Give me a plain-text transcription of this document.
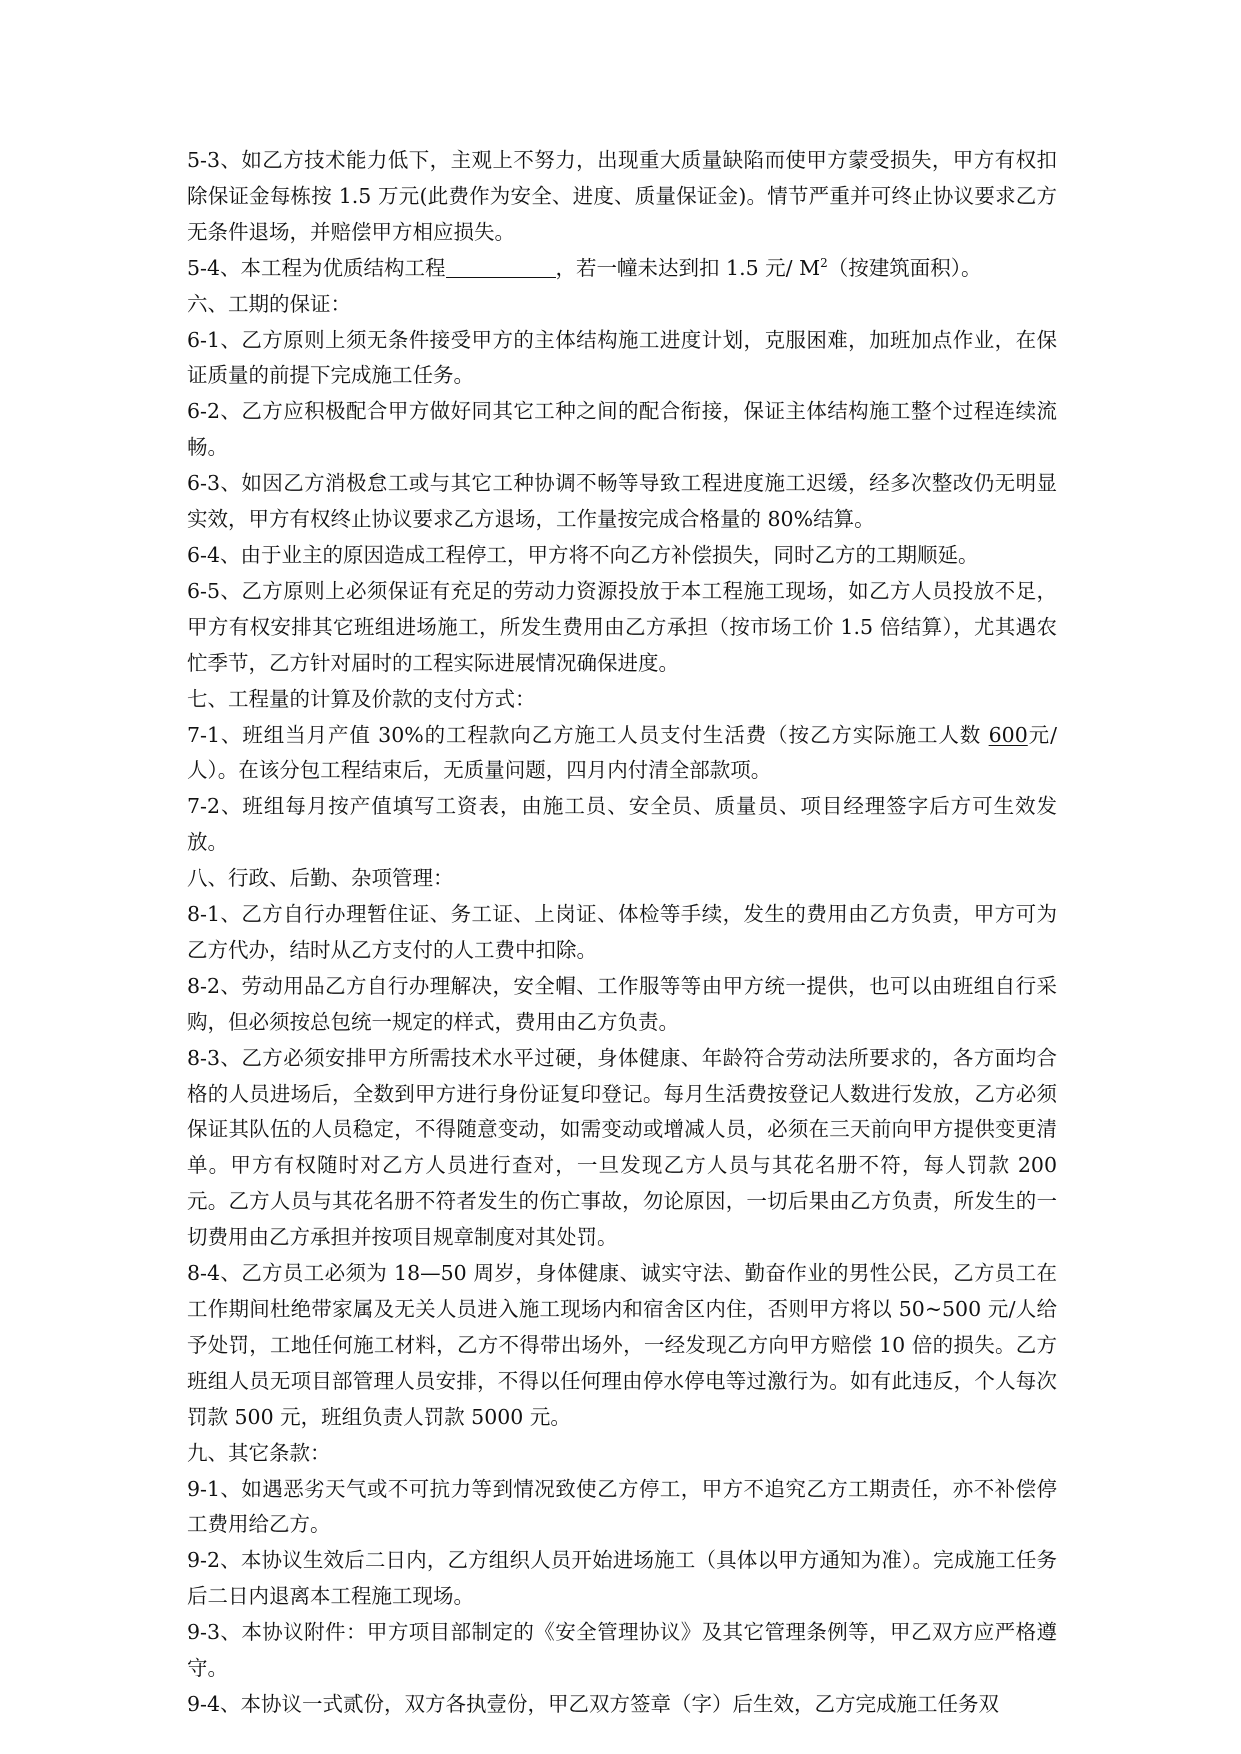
5-3、如乙方技术能力低下，主观上不努力，出现重大质量缺陷而使甲方蒙受损失，甲方有权扣除保证金每栋按 1.5 万元(此费作为安全、进度、质量保证金)。情节严重并可终止协议要求乙方无条件退场，并赔偿甲方相应损失。

5-4、本工程为优质结构工程	，若一幢未达到扣 1.5 元/ $M^2$（按建筑面积）。

六、工期的保证：

6-1、乙方原则上须无条件接受甲方的主体结构施工进度计划，克服困难，加班加点作业，在保证质量的前提下完成施工任务。

6-2、乙方应积极配合甲方做好同其它工种之间的配合衔接，保证主体结构施工整个过程连续流畅。

6-3、如因乙方消极怠工或与其它工种协调不畅等导致工程进度施工迟缓，经多次整改仍无明显实效，甲方有权终止协议要求乙方退场，工作量按完成合格量的 80%结算。

6-4、由于业主的原因造成工程停工，甲方将不向乙方补偿损失，同时乙方的工期顺延。

6-5、乙方原则上必须保证有充足的劳动力资源投放于本工程施工现场，如乙方人员投放不足，甲方有权安排其它班组进场施工，所发生费用由乙方承担（按市场工价 1.5 倍结算），尤其遇农忙季节，乙方针对届时的工程实际进展情况确保进度。

七、工程量的计算及价款的支付方式：

7-1、班组当月产值 30%的工程款向乙方施工人员支付生活费（按乙方实际施工人数 600元/人）。在该分包工程结束后，无质量问题，四月内付清全部款项。

7-2、班组每月按产值填写工资表，由施工员、安全员、质量员、项目经理签字后方可生效发放。

八、行政、后勤、杂项管理：

8-1、乙方自行办理暂住证、务工证、上岗证、体检等手续，发生的费用由乙方负责，甲方可为乙方代办，结时从乙方支付的人工费中扣除。

8-2、劳动用品乙方自行办理解决，安全帽、工作服等等由甲方统一提供，也可以由班组自行采购，但必须按总包统一规定的样式，费用由乙方负责。

8-3、乙方必须安排甲方所需技术水平过硬，身体健康、年龄符合劳动法所要求的，各方面均合格的人员进场后，全数到甲方进行身份证复印登记。每月生活费按登记人数进行发放，乙方必须保证其队伍的人员稳定，不得随意变动，如需变动或增减人员，必须在三天前向甲方提供变更清单。甲方有权随时对乙方人员进行查对，一旦发现乙方人员与其花名册不符，每人罚款 200 元。乙方人员与其花名册不符者发生的伤亡事故，勿论原因，一切后果由乙方负责，所发生的一切费用由乙方承担并按项目规章制度对其处罚。

8-4、乙方员工必须为 18—50 周岁，身体健康、诚实守法、勤奋作业的男性公民，乙方员工在工作期间杜绝带家属及无关人员进入施工现场内和宿舍区内住，否则甲方将以 50~500 元/人给予处罚，工地任何施工材料，乙方不得带出场外，一经发现乙方向甲方赔偿 10 倍的损失。乙方班组人员无项目部管理人员安排，不得以任何理由停水停电等过激行为。如有此违反，个人每次罚款 500 元，班组负责人罚款 5000 元。

九、其它条款：

9-1、如遇恶劣天气或不可抗力等到情况致使乙方停工，甲方不追究乙方工期责任，亦不补偿停工费用给乙方。

9-2、本协议生效后二日内，乙方组织人员开始进场施工（具体以甲方通知为准）。完成施工任务后二日内退离本工程施工现场。

9-3、本协议附件：甲方项目部制定的《安全管理协议》及其它管理条例等，甲乙双方应严格遵守。

9-4、本协议一式贰份，双方各执壹份，甲乙双方签章（字）后生效，乙方完成施工任务双
